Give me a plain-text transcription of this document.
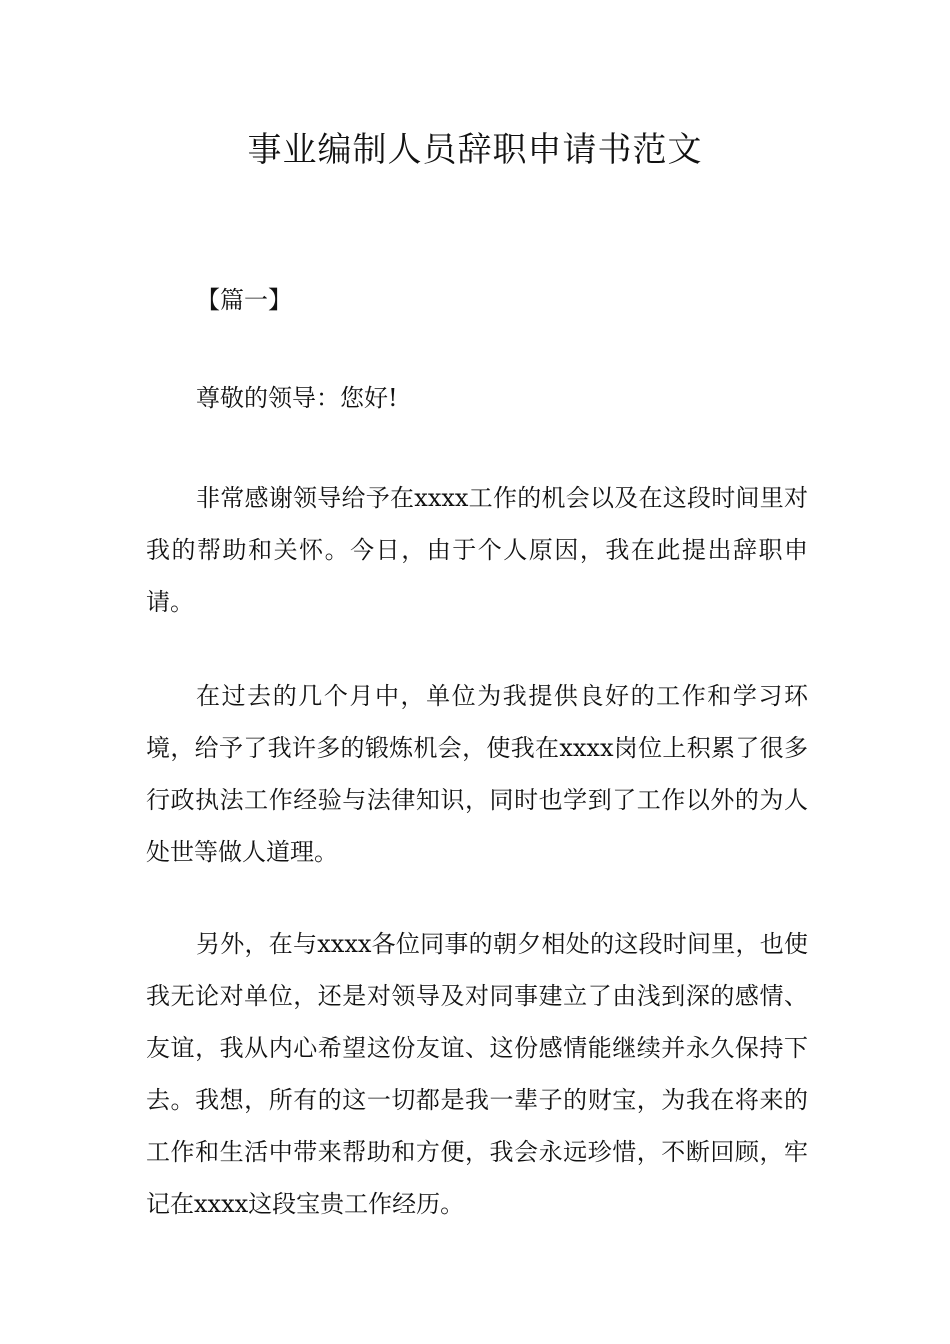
事业编制人员辞职申请书范文

【篇一】

尊敬的领导：您好!

非常感谢领导给予在xxxx工作的机会以及在这段时间里对我的帮助和关怀。今日，由于个人原因，我在此提出辞职申请。

在过去的几个月中，单位为我提供良好的工作和学习环境，给予了我许多的锻炼机会，使我在xxxx岗位上积累了很多行政执法工作经验与法律知识，同时也学到了工作以外的为人处世等做人道理。

另外，在与xxxx各位同事的朝夕相处的这段时间里，也使我无论对单位，还是对领导及对同事建立了由浅到深的感情、友谊，我从内心希望这份友谊、这份感情能继续并永久保持下去。我想，所有的这一切都是我一辈子的财宝，为我在将来的工作和生活中带来帮助和方便，我会永远珍惜，不断回顾，牢记在xxxx这段宝贵工作经历。
